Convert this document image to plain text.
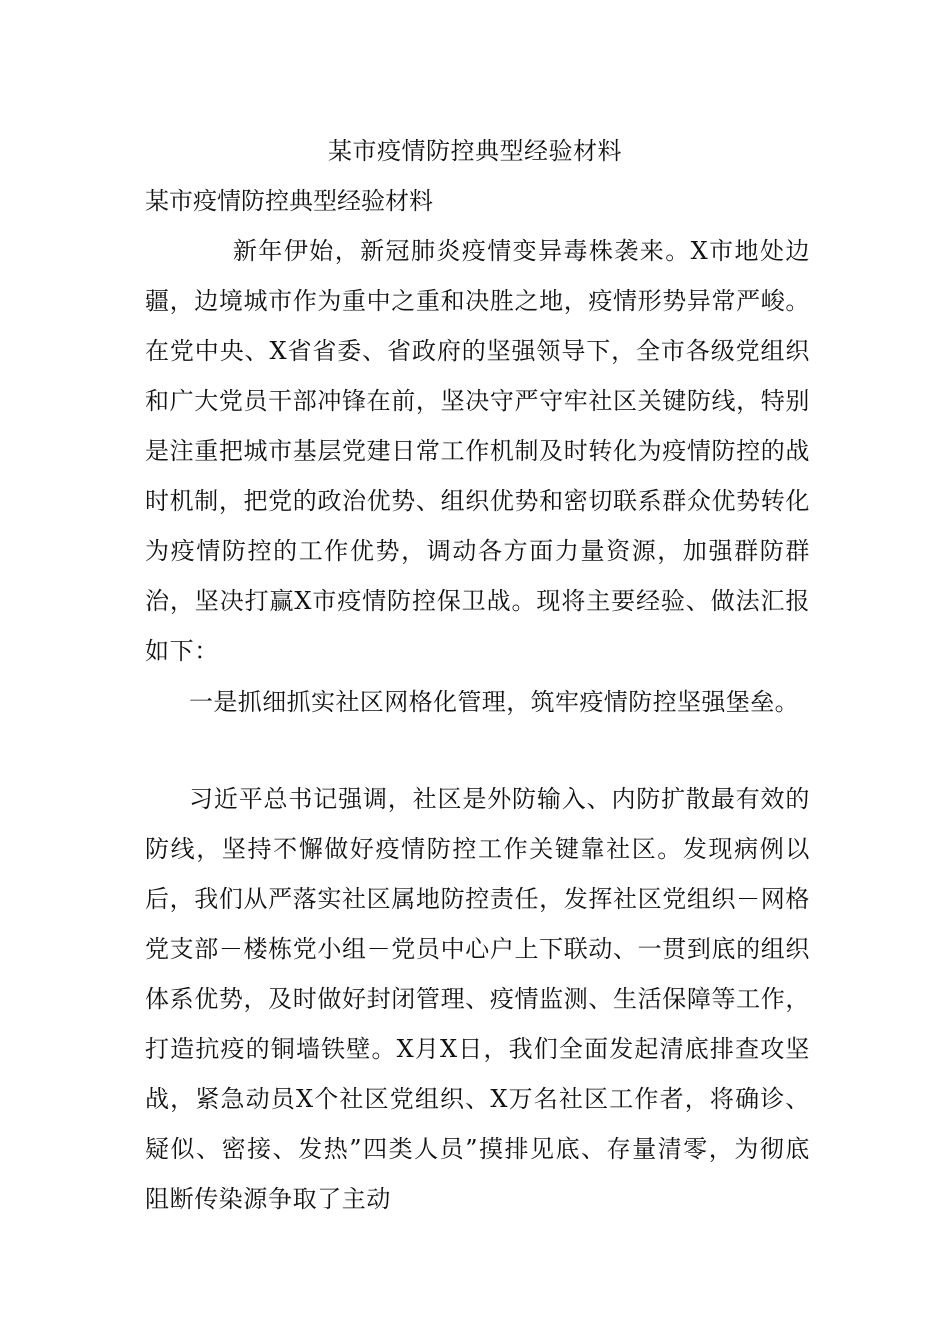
某市疫情防控典型经验材料
某市疫情防控典型经验材料
新年伊始，新冠肺炎疫情变异毒株袭来。X市地处边疆，边境城市作为重中之重和决胜之地，疫情形势异常严峻。在党中央、X省省委、省政府的坚强领导下，全市各级党组织和广大党员干部冲锋在前，坚决守严守牢社区关键防线，特别是注重把城市基层党建日常工作机制及时转化为疫情防控的战时机制，把党的政治优势、组织优势和密切联系群众优势转化为疫情防控的工作优势，调动各方面力量资源，加强群防群治，坚决打赢X市疫情防控保卫战。现将主要经验、做法汇报如下：
一是抓细抓实社区网格化管理，筑牢疫情防控坚强堡垒。
习近平总书记强调，社区是外防输入、内防扩散最有效的防线，坚持不懈做好疫情防控工作关键靠社区。发现病例以后，我们从严落实社区属地防控责任，发挥社区党组织－网格党支部－楼栋党小组－党员中心户上下联动、一贯到底的组织体系优势，及时做好封闭管理、疫情监测、生活保障等工作，打造抗疫的铜墙铁壁。X月X日，我们全面发起清底排查攻坚战，紧急动员X个社区党组织、X万名社区工作者，将确诊、疑似、密接、发热”四类人员”摸排见底、存量清零，为彻底阻断传染源争取了主动
